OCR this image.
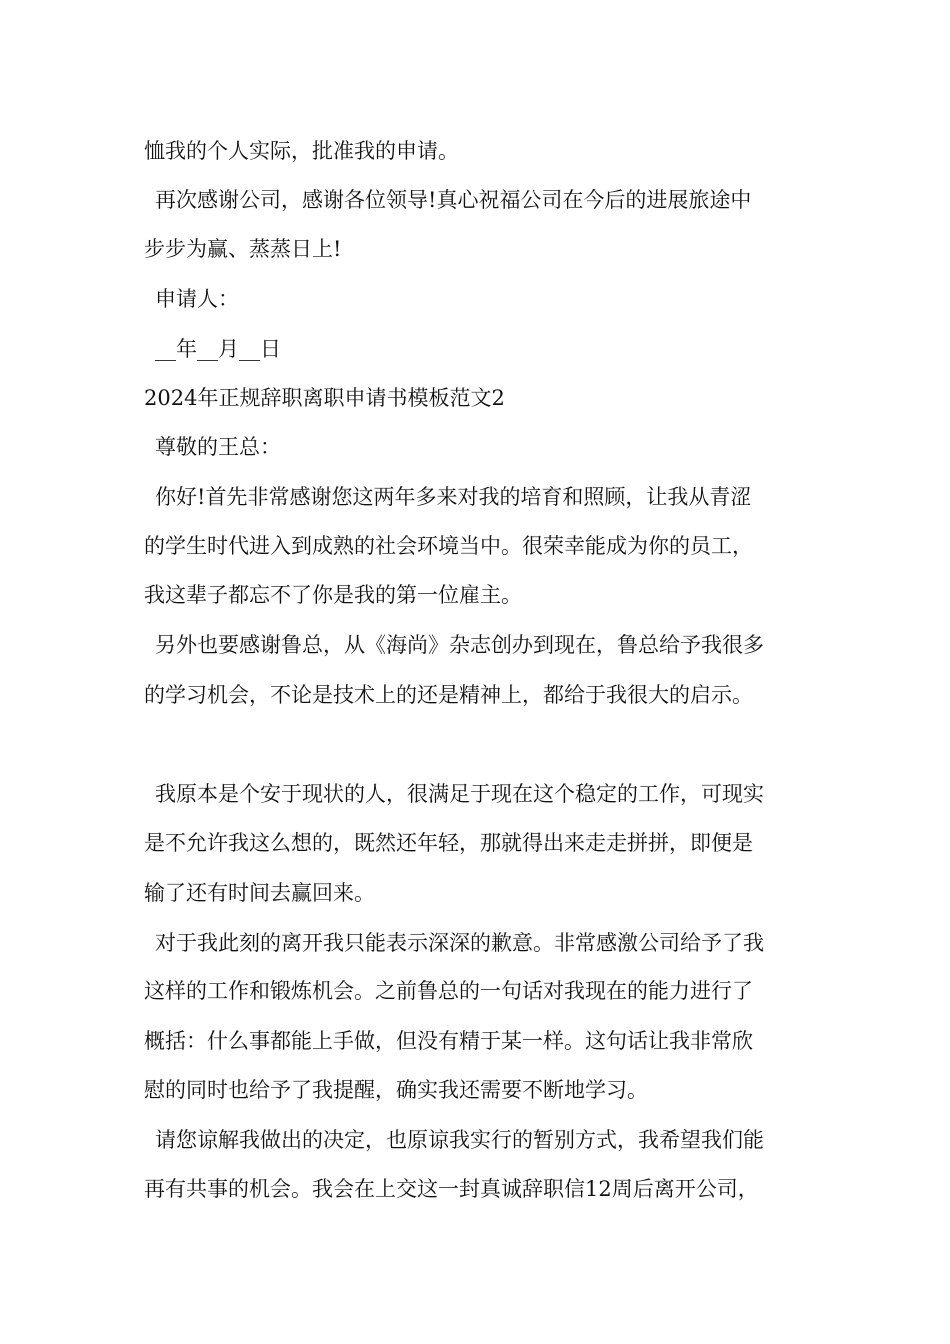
恤我的个人实际，批准我的申请。
再次感谢公司，感谢各位领导!真心祝福公司在今后的进展旅途中
步步为赢、蒸蒸日上!
申请人：
__年__月__日
2024年正规辞职离职申请书模板范文2
尊敬的王总：
你好!首先非常感谢您这两年多来对我的培育和照顾，让我从青涩
的学生时代进入到成熟的社会环境当中。很荣幸能成为你的员工，
我这辈子都忘不了你是我的第一位雇主。
另外也要感谢鲁总，从《海尚》杂志创办到现在，鲁总给予我很多
的学习机会，不论是技术上的还是精神上，都给于我很大的启示。
我原本是个安于现状的人，很满足于现在这个稳定的工作，可现实
是不允许我这么想的，既然还年轻，那就得出来走走拼拼，即便是
输了还有时间去赢回来。
对于我此刻的离开我只能表示深深的歉意。非常感激公司给予了我
这样的工作和锻炼机会。之前鲁总的一句话对我现在的能力进行了
概括：什么事都能上手做，但没有精于某一样。这句话让我非常欣
慰的同时也给予了我提醒，确实我还需要不断地学习。
请您谅解我做出的决定，也原谅我实行的暂别方式，我希望我们能
再有共事的机会。我会在上交这一封真诚辞职信12周后离开公司，
